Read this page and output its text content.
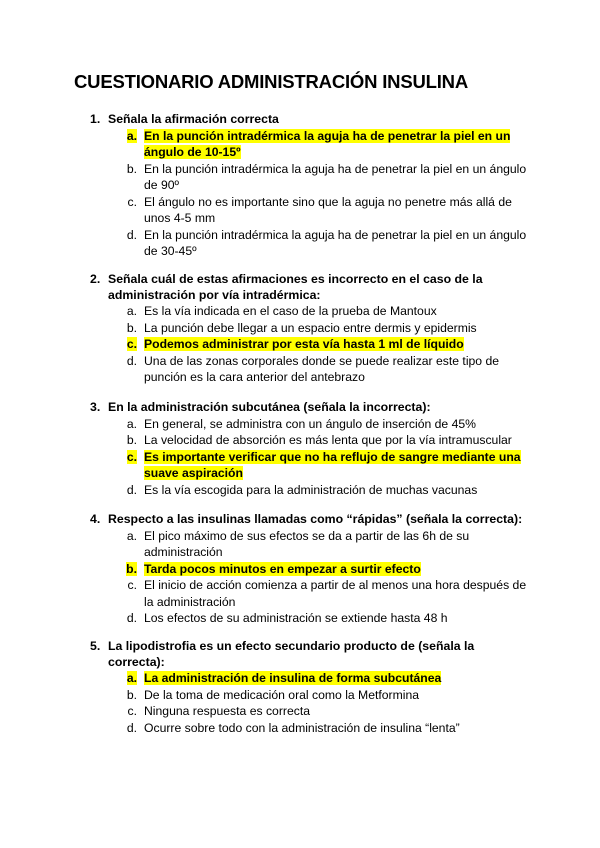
CUESTIONARIO ADMINISTRACIÓN INSULINA
1. Señala la afirmación correcta
a. En la punción intradérmica la aguja ha de penetrar la piel en un ángulo de 10-15º
b. En la punción intradérmica la aguja ha de penetrar la piel en un ángulo de 90º
c. El ángulo no es importante sino que la aguja no penetre más allá de unos 4-5 mm
d. En la punción intradérmica la aguja ha de penetrar la piel en un ángulo de 30-45º
2. Señala cuál de estas afirmaciones es incorrecto en el caso de la administración por vía intradérmica:
a. Es la vía indicada en el caso de la prueba de Mantoux
b. La punción debe llegar a un espacio entre dermis y epidermis
c. Podemos administrar por esta vía hasta 1 ml de líquido
d. Una de las zonas corporales donde se puede realizar este tipo de punción es la cara anterior del antebrazo
3. En la administración subcutánea (señala la incorrecta):
a. En general, se administra con un ángulo de inserción de 45%
b. La velocidad de absorción es más lenta que por la vía intramuscular
c. Es importante verificar que no ha reflujo de sangre mediante una suave aspiración
d. Es la vía escogida para la administración de muchas vacunas
4. Respecto a las insulinas llamadas como “rápidas” (señala la correcta):
a. El pico máximo de sus efectos se da a partir de las 6h de su administración
b. Tarda pocos minutos en empezar a surtir efecto
c. El inicio de acción comienza a partir de al menos una hora después de la administración
d. Los efectos de su administración se extiende hasta 48 h
5. La lipodistrofia es un efecto secundario producto de (señala la correcta):
a. La administración de insulina de forma subcutánea
b. De la toma de medicación oral como la Metformina
c. Ninguna respuesta es correcta
d. Ocurre sobre todo con la administración de insulina “lenta”
